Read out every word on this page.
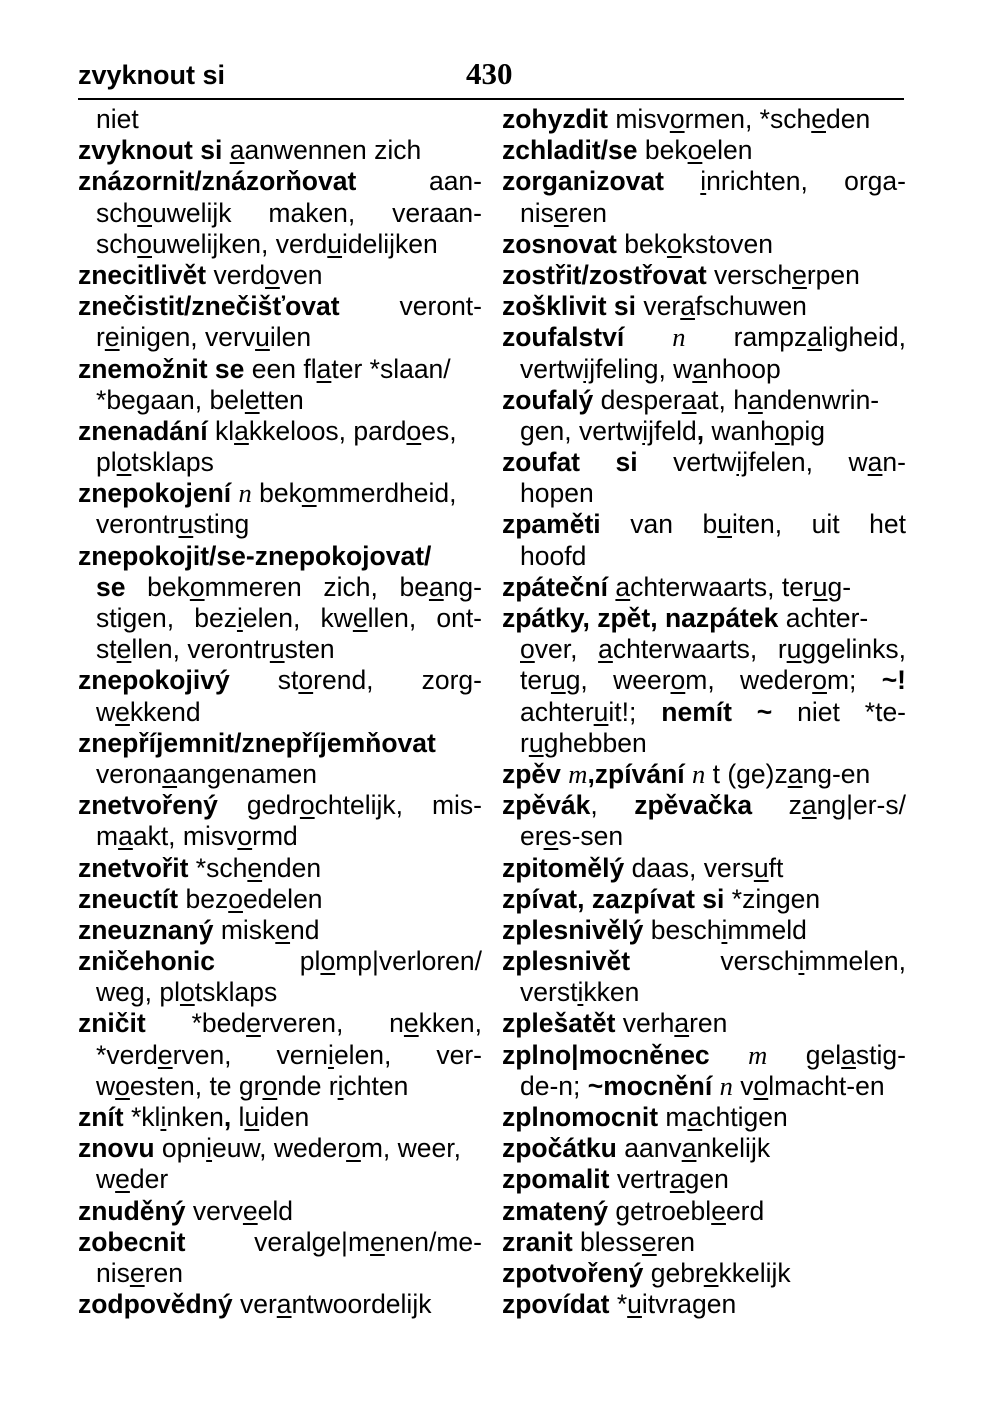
zvyknout si	430
niet
zvyknout si aanwennen zich
znázornit/znázorňovat aan-
schouwelijk maken, veraan-
schouwelijken, verduidelijken
znecitlivět verdoven
znečistit/znečišťovat veront-
reinigen, vervuilen
znemožnit se een flater *slaan/
*begaan, beletten
znenadání klakkeloos, pardoes,
plotsklaps
znepokojení n bekommerdheid,
verontrusting
znepokojit/se-znepokojovat/
se bekommeren zich, beang-
stigen, bezielen, kwellen, ont-
stellen, verontrusten
znepokojivý storend, zorg-
wekkend
znepříjemnit/znepříjemňovat
veronaangenamen
znetvořený gedrochtelijk, mis-
maakt, misvormd
znetvořit *schenden
zneuctít bezoedelen
zneuznaný miskend
zničehonic plomp|verloren/
weg, plotsklaps
zničit *bederveren, nekken,
*verderven, vernielen, ver-
woesten, te gronde richten
znít *klinken, luiden
znovu opnieuw, wederom, weer,
weder
znuděný verveeld
zobecnit veralge|menen/me-
niseren
zodpovědný verantwoordelijk
zohyzdit misvormen, *scheden
zchladit/se bekoelen
zorganizovat inrichten, orga-
niseren
zosnovat bekokstoven
zostřit/zostřovat verscherpen
zošklivit si verafschuwen
zoufalství n rampzaligheid,
vertwijfeling, wanhoop
zoufalý desperaat, handenwrin-
gen, vertwijfeld, wanhopig
zoufat si vertwijfelen, wan-
hopen
zpaměti van buiten, uit het
hoofd
zpáteční achterwaarts, terug-
zpátky, zpět, nazpátek achter-
over, achterwaarts, ruggelinks,
terug, weerom, wederom; ~!
achteruit!; nemít ~ niet *te-
rughebben
zpěv m,zpívání n t (ge)zang-en
zpěvák, zpěvačka zang|er-s/
eres-sen
zpitomělý daas, versuft
zpívat, zazpívat si *zingen
zplesnivělý beschimmeld
zplesnivět verschimmelen,
verstikken
zplešatět verharen
zplno|mocněnec m gelastig-
de-n; ~mocnění n volmacht-en
zplnomocnit machtigen
zpočátku aanvankelijk
zpomalit vertragen
zmatený getroebleerd
zranit blesseren
zpotvořený gebrekkelijk
zpovídat *uitvragen
